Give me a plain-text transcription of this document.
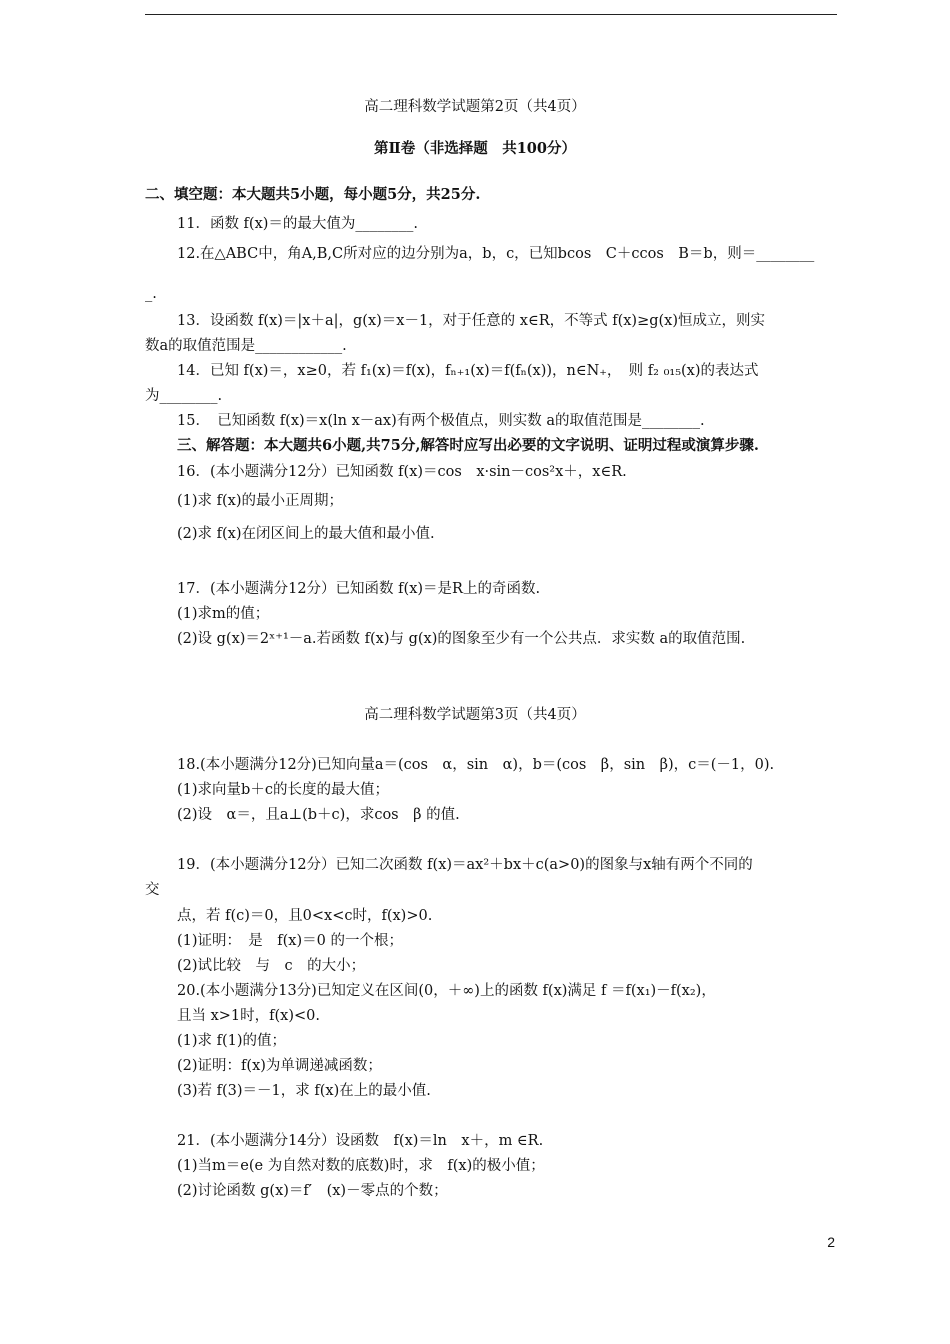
高二理科数学试题第2页（共4页）
第Ⅱ卷（非选择题　共100分）
二、填空题：本大题共5小题，每小题5分，共25分.
11．函数 f(x)＝的最大值为________.
12.在△ABC中，角A,B,C所对应的边分别为a，b，c，已知bcos　C＋ccos　B＝b，则＝________
_.
13．设函数 f(x)＝|x＋a|，g(x)＝x－1，对于任意的 x∈R，不等式 f(x)≥g(x)恒成立，则实
数a的取值范围是____________.
14．已知 f(x)＝，x≥0，若 f₁(x)＝f(x)，fₙ₊₁(x)＝f(fₙ(x))，n∈N₊，　则 f₂ ₀₁₅(x)的表达式
为________.
15．　已知函数 f(x)＝x(ln x－ax)有两个极值点，则实数 a的取值范围是________.
三、解答题：本大题共6小题,共75分,解答时应写出必要的文字说明、证明过程或演算步骤.
16．(本小题满分12分）已知函数 f(x)＝cos　x·sin－cos²x＋，x∈R.
(1)求 f(x)的最小正周期；
(2)求 f(x)在闭区间上的最大值和最小值.
17．(本小题满分12分）已知函数 f(x)＝是R上的奇函数.
(1)求m的值；
(2)设 g(x)＝2ˣ⁺¹－a.若函数 f(x)与 g(x)的图象至少有一个公共点．求实数 a的取值范围.
高二理科数学试题第3页（共4页）
18.(本小题满分12分)已知向量a＝(cos　α，sin　α)，b＝(cos　β，sin　β)，c＝(－1，0).
(1)求向量b＋c的长度的最大值；
(2)设　α＝，且a⊥(b＋c)，求cos　β 的值.
19．(本小题满分12分）已知二次函数 f(x)＝ax²＋bx＋c(a>0)的图象与x轴有两个不同的
交
点，若 f(c)＝0，且0<x<c时，f(x)>0.
(1)证明：　是　f(x)＝0 的一个根；
(2)试比较　与　c　的大小；
20.(本小题满分13分)已知定义在区间(0，＋∞)上的函数 f(x)满足 f ＝f(x₁)－f(x₂)，
且当 x>1时，f(x)<0.
(1)求 f(1)的值；
(2)证明：f(x)为单调递减函数；
(3)若 f(3)＝－1，求 f(x)在上的最小值.
21．(本小题满分14分）设函数　f(x)＝ln　x＋，m ∈R.
(1)当m＝e(e 为自然对数的底数)时，求　f(x)的极小值；
(2)讨论函数 g(x)＝f′　(x)－零点的个数；
2
